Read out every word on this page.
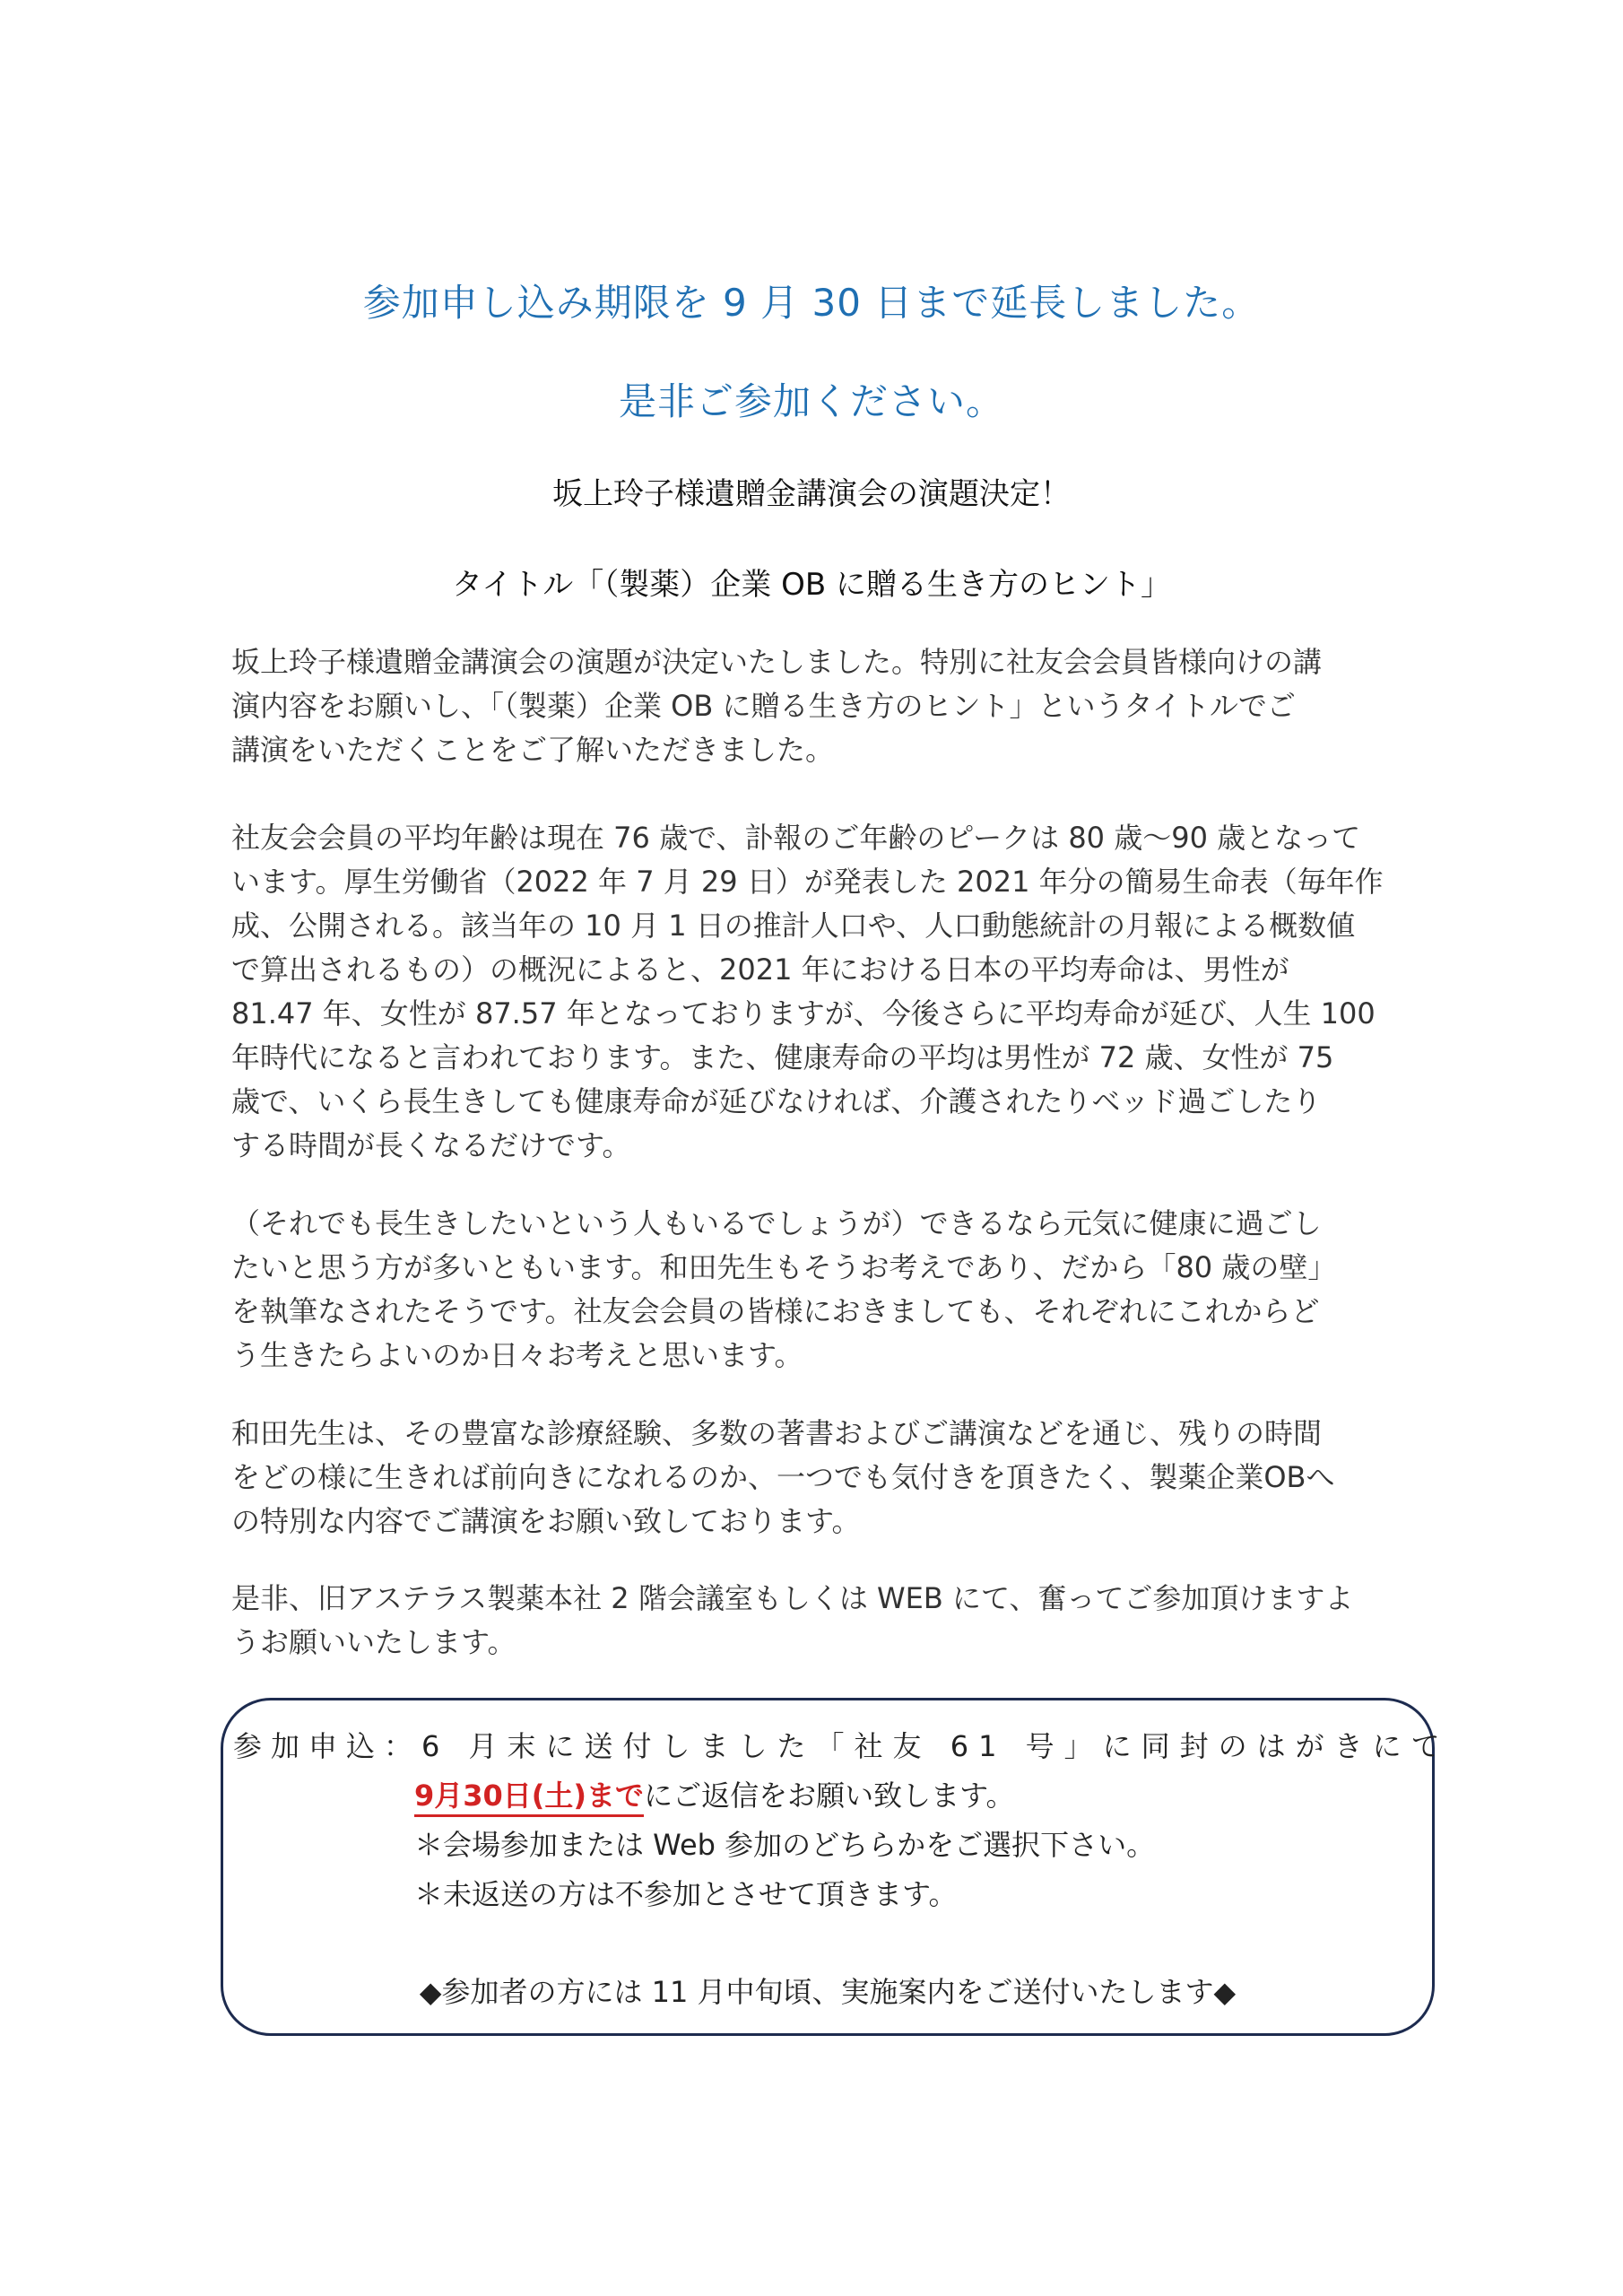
参加申し込み期限を 9 月 30 日まで延長しました。
是非ご参加ください。
坂上玲子様遺贈金講演会の演題決定！
タイトル「（製薬）企業 OB に贈る生き方のヒント」

坂上玲子様遺贈金講演会の演題が決定いたしました。特別に社友会会員皆様向けの講
演内容をお願いし、「（製薬）企業 OB に贈る生き方のヒント」というタイトルでご
講演をいただくことをご了解いただきました。

社友会会員の平均年齢は現在 76 歳で、訃報のご年齢のピークは 80 歳〜90 歳となって
います。厚生労働省（2022 年 7 月 29 日）が発表した 2021 年分の簡易生命表（毎年作
成、公開される。該当年の 10 月 1 日の推計人口や、人口動態統計の月報による概数値
で算出されるもの）の概況によると、2021 年における日本の平均寿命は、男性が
81.47 年、女性が 87.57 年となっておりますが、今後さらに平均寿命が延び、人生 100
年時代になると言われております。また、健康寿命の平均は男性が 72 歳、女性が 75
歳で、いくら長生きしても健康寿命が延びなければ、介護されたりベッド過ごしたり
する時間が長くなるだけです。

（それでも長生きしたいという人もいるでしょうが）できるなら元気に健康に過ごし
たいと思う方が多いともいます。和田先生もそうお考えであり、だから「80 歳の壁」
を執筆なされたそうです。社友会会員の皆様におきましても、それぞれにこれからど
う生きたらよいのか日々お考えと思います。

和田先生は、その豊富な診療経験、多数の著書およびご講演などを通じ、残りの時間
をどの様に生きれば前向きになれるのか、一つでも気付きを頂きたく、製薬企業OBへ
の特別な内容でご講演をお願い致しております。

是非、旧アステラス製薬本社 2 階会議室もしくは WEB にて、奮ってご参加頂けますよ
うお願いいたします。

参加申込：6 月末に送付しました「社友 61 号」に同封のはがきにて
9月30日(土)までにご返信をお願い致します。
＊会場参加または Web 参加のどちらかをご選択下さい。
＊未返送の方は不参加とさせて頂きます。
◆参加者の方には 11 月中旬頃、実施案内をご送付いたします◆
